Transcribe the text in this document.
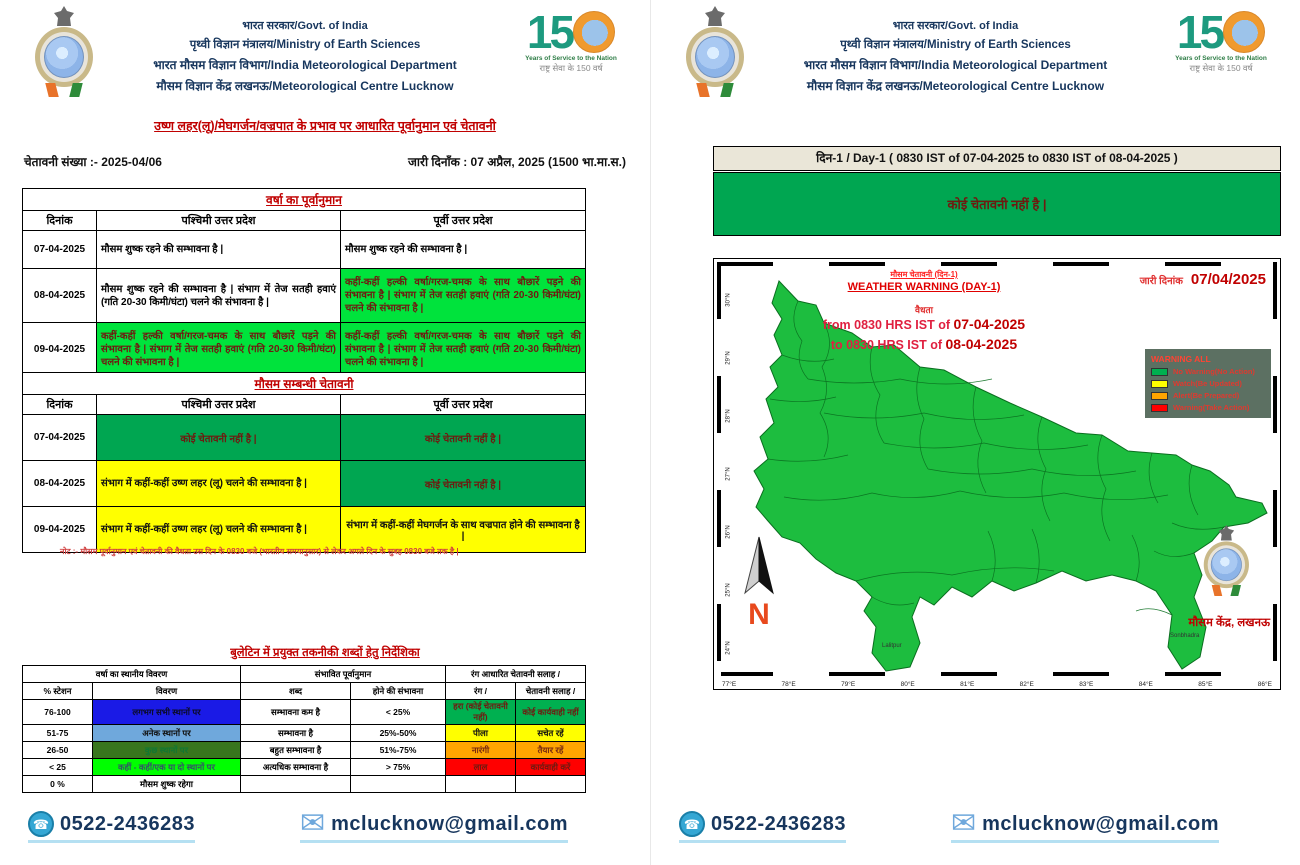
भारत सरकार/Govt. of India
पृथ्वी विज्ञान मंत्रालय/Ministry of Earth Sciences
भारत मौसम विज्ञान विभाग/India Meteorological Department
मौसम विज्ञान केंद्र लखनऊ/Meteorological Centre Lucknow
15
Years of Service to the Nation
राष्ट्र सेवा के 150 वर्ष
उष्ण लहर(लू)/मेघगर्जन/वज्रपात के प्रभाव पर आधारित पूर्वानुमान एवं चेतावनी
चेतावनी संख्या :- 2025-04/06	जारी दिनाँक : 07 अप्रैल, 2025 (1500 भा.मा.स.)
वर्षा का पूर्वानुमान		
दिनांक	पश्चिमी उत्तर प्रदेश	पूर्वी उत्तर प्रदेश
07-04-2025	मौसम शुष्क रहने की सम्भावना है |	मौसम शुष्क रहने की सम्भावना है |
08-04-2025	मौसम शुष्क रहने की सम्भावना है | संभाग में तेज सतही हवाएं (गति 20-30 किमी/घंटा) चलने की संभावना है |	कहीं-कहीं हल्की वर्षा/गरज-चमक के साथ बौछारें पड़ने की संभावना है | संभाग में तेज सतही हवाएं (गति 20-30 किमी/घंटा) चलने की संभावना है |
09-04-2025	कहीं-कहीं हल्की वर्षा/गरज-चमक के साथ बौछारें पड़ने की संभावना है | संभाग में तेज सतही हवाएं (गति 20-30 किमी/घंटा) चलने की संभावना है |	कहीं-कहीं हल्की वर्षा/गरज-चमक के साथ बौछारें पड़ने की संभावना है | संभाग में तेज सतही हवाएं (गति 20-30 किमी/घंटा) चलने की संभावना है |
मौसम सम्बन्धी चेतावनी		
दिनांक	पश्चिमी उत्तर प्रदेश	पूर्वी उत्तर प्रदेश
07-04-2025	कोई चेतावनी नहीं है |	कोई चेतावनी नहीं है |
08-04-2025	संभाग में कहीं-कहीं उष्ण लहर (लू) चलने की सम्भावना है |	कोई चेतावनी नहीं है |
09-04-2025	संभाग में कहीं-कहीं उष्ण लहर (लू) चलने की सम्भावना है |	संभाग में कहीं-कहीं मेघगर्जन के साथ वज्रपात होने की सम्भावना है |
नोट :- मौसम पूर्वानुमान एवं चेतावनी की वैधता उस दिन के 0830 बजे (भारतीय समयानुसार) से लेकर अगले दिन के सुबह 0830 बजे तक है |
बुलेटिन में प्रयुक्त तकनीकी शब्दों हेतु निर्देशिका
वर्षा का स्थानीय विवरण		संभावित पूर्वानुमान		रंग आधारित चेतावनी सलाह /	
% स्टेशन	विवरण	शब्द	होने की संभावना	रंग /	चेतावनी सलाह /
76-100	लगभग सभी स्थानों पर	सम्भावना कम है	< 25%	हरा (कोई चेतावनी नहीं)	कोई कार्यवाही नहीं
51-75	अनेक स्थानों पर	सम्भावना है	25%-50%	पीला	सचेत रहें
26-50	कुछ स्थानों पर	बहुत सम्भावना है	51%-75%	नारंगी	तैयार रहें
< 25	कहीं - कहीं/एक या दो स्थानों पर	अत्यधिक सम्भावना है	> 75%	लाल	कार्यवाही करें
0 %	मौसम शुष्क रहेगा				
☎ 0522-2436283	✉ mclucknow@gmail.com
भारत सरकार/Govt. of India
पृथ्वी विज्ञान मंत्रालय/Ministry of Earth Sciences
भारत मौसम विज्ञान विभाग/India Meteorological Department
मौसम विज्ञान केंद्र लखनऊ/Meteorological Centre Lucknow
15
Years of Service to the Nation
राष्ट्र सेवा के 150 वर्ष
दिन-1 / Day-1 ( 0830 IST of 07-04-2025 to 0830 IST of 08-04-2025 )
कोई चेतावनी नहीं है |
Lalitpur
Sonbhadra
मौसम चेतावनी (दिन-1)
WEATHER WARNING (DAY-1)	जारी दिनांक 07/04/2025
वैधता
from 0830 HRS IST of 07-04-2025
to 0830 HRS IST of 08-04-2025
WARNING ALL
No Warning(No Action)
Watch(Be Updated)
Alert(Be Prepared)
Warning(Take Action)
N	मौसम केंद्र, लखनऊ
30°N
29°N
28°N
27°N
26°N
25°N
24°N
77°E	78°E	79°E	80°E	81°E	82°E	83°E	84°E	85°E	86°E
☎ 0522-2436283	✉ mclucknow@gmail.com
